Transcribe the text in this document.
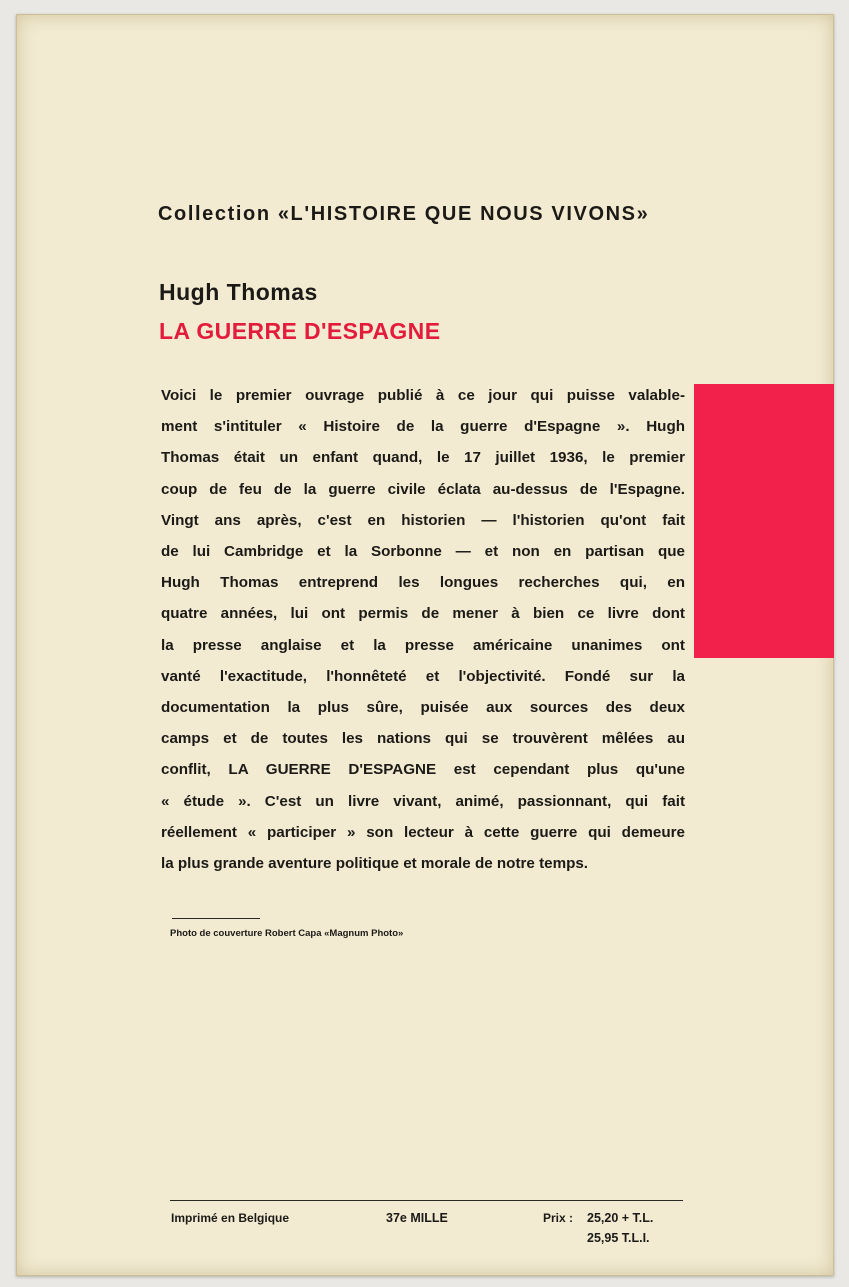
Collection «L'HISTOIRE QUE NOUS VIVONS»
Hugh Thomas
LA GUERRE D'ESPAGNE
Voici le premier ouvrage publié à ce jour qui puisse valable-
ment s'intituler « Histoire de la guerre d'Espagne ». Hugh
Thomas était un enfant quand, le 17 juillet 1936, le premier
coup de feu de la guerre civile éclata au-dessus de l'Espagne.
Vingt ans après, c'est en historien — l'historien qu'ont fait
de lui Cambridge et la Sorbonne — et non en partisan que
Hugh Thomas entreprend les longues recherches qui, en
quatre années, lui ont permis de mener à bien ce livre dont
la presse anglaise et la presse américaine unanimes ont
vanté l'exactitude, l'honnêteté et l'objectivité. Fondé sur la
documentation la plus sûre, puisée aux sources des deux
camps et de toutes les nations qui se trouvèrent mêlées au
conflit, LA GUERRE D'ESPAGNE est cependant plus qu'une
« étude ». C'est un livre vivant, animé, passionnant, qui fait
réellement « participer » son lecteur à cette guerre qui demeure
la plus grande aventure politique et morale de notre temps.
Photo de couverture Robert Capa «Magnum Photo»
Imprimé en Belgique	37e MILLE	Prix : 25,20 + T.L.
25,95 T.L.I.
